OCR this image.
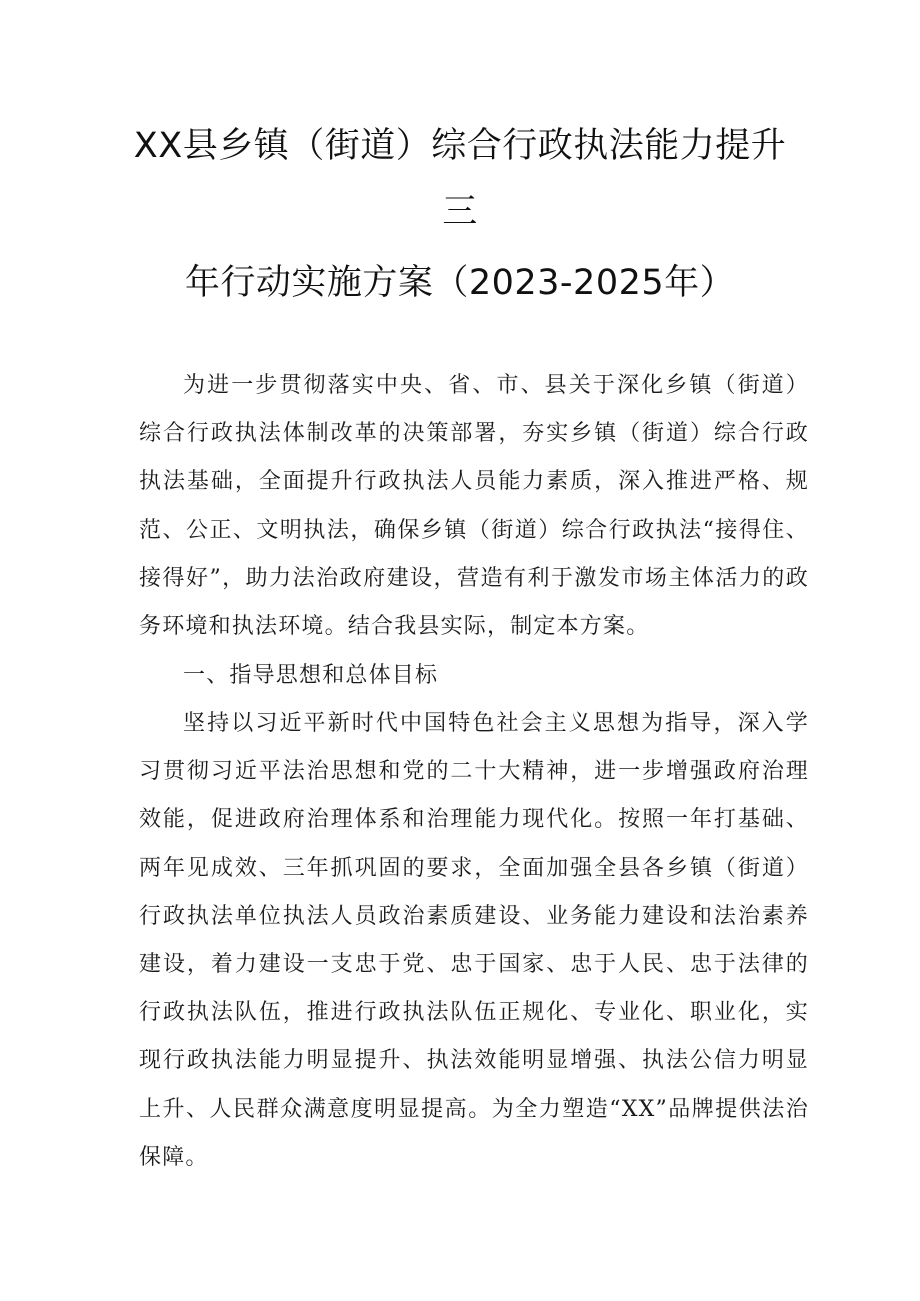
XX县乡镇（街道）综合行政执法能力提升
三
年行动实施方案（2023-2025年）

为进一步贯彻落实中央、省、市、县关于深化乡镇（街道）综合行政执法体制改革的决策部署，夯实乡镇（街道）综合行政执法基础，全面提升行政执法人员能力素质，深入推进严格、规范、公正、文明执法，确保乡镇（街道）综合行政执法“接得住、接得好”，助力法治政府建设，营造有利于激发市场主体活力的政务环境和执法环境。结合我县实际，制定本方案。

一、指导思想和总体目标

坚持以习近平新时代中国特色社会主义思想为指导，深入学习贯彻习近平法治思想和党的二十大精神，进一步增强政府治理效能，促进政府治理体系和治理能力现代化。按照一年打基础、两年见成效、三年抓巩固的要求，全面加强全县各乡镇（街道）行政执法单位执法人员政治素质建设、业务能力建设和法治素养建设，着力建设一支忠于党、忠于国家、忠于人民、忠于法律的行政执法队伍，推进行政执法队伍正规化、专业化、职业化，实现行政执法能力明显提升、执法效能明显增强、执法公信力明显上升、人民群众满意度明显提高。为全力塑造“XX”品牌提供法治保障。
